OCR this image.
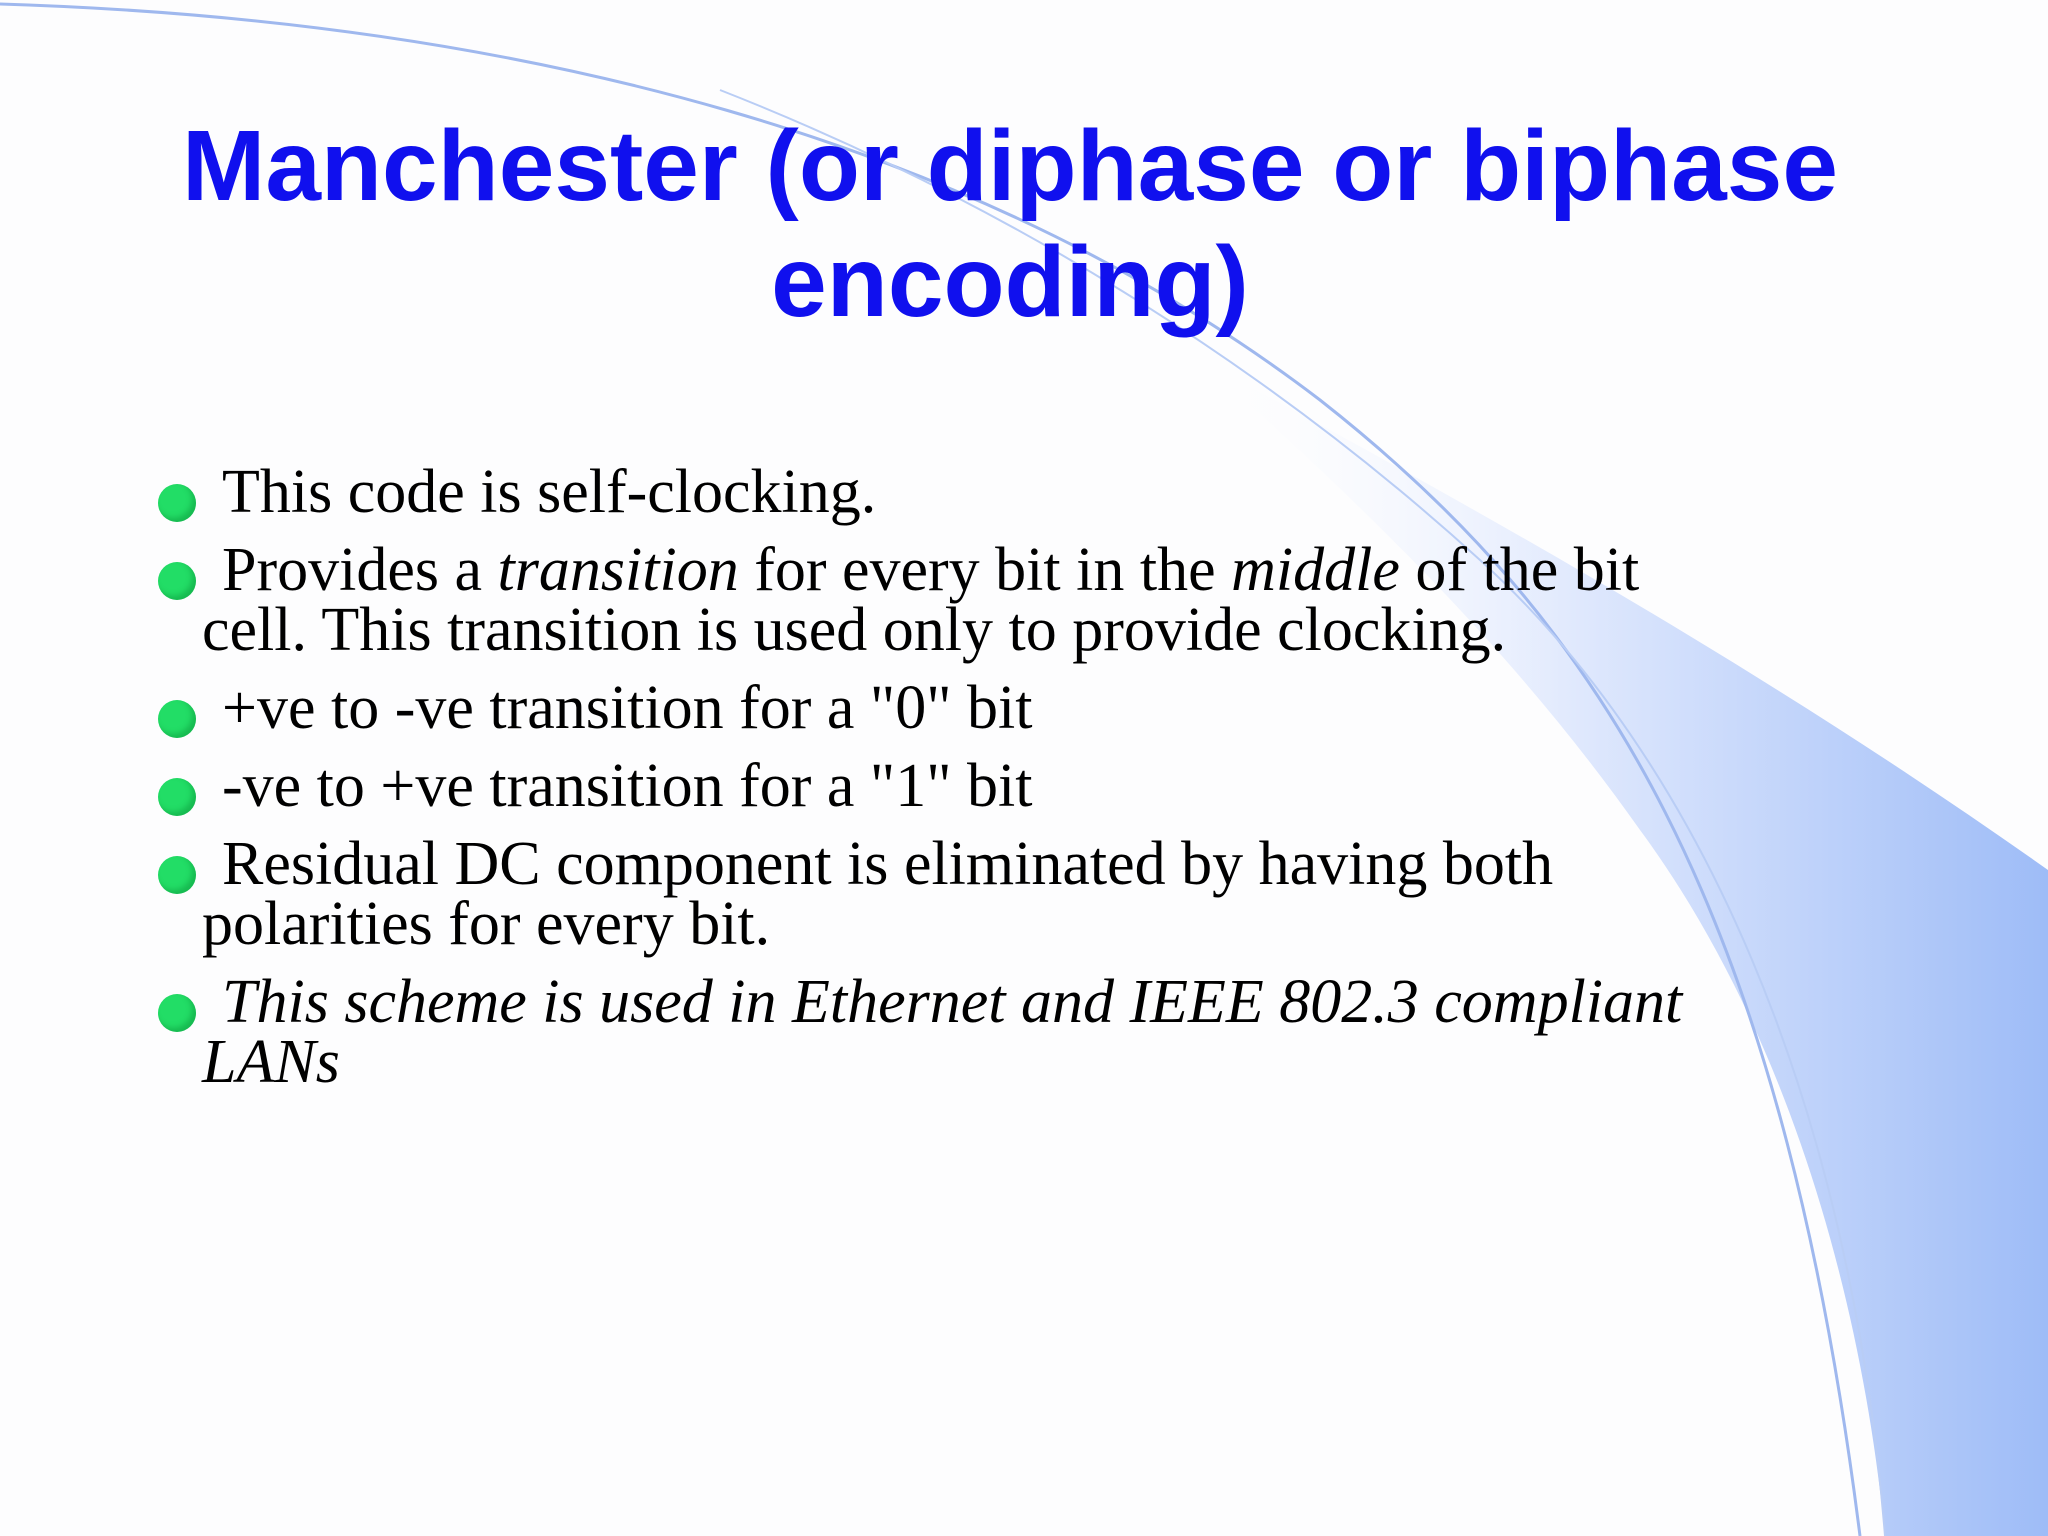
Manchester (or diphase or biphase
encoding)
This code is self-clocking.
Provides a transition for every bit in the middle of the bit
cell. This transition is used only to provide clocking.
+ve to -ve transition for a "0" bit
-ve to +ve transition for a "1" bit
Residual DC component is eliminated by having both
polarities for every bit.
This scheme is used in Ethernet and IEEE 802.3 compliant
LANs
